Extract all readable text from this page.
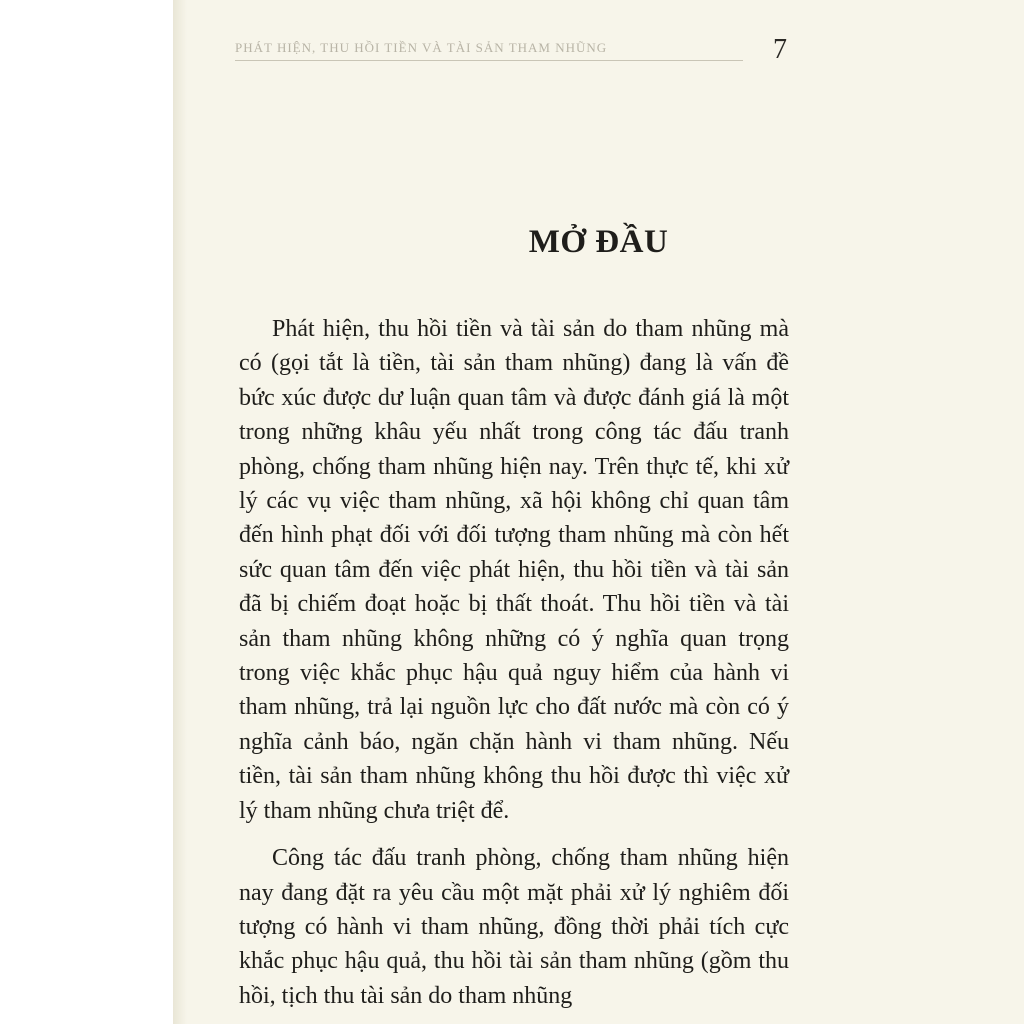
PHÁT HIỆN, THU HỒI TIỀN VÀ TÀI SẢN THAM NHŨNG	7
MỞ ĐẦU

Phát hiện, thu hồi tiền và tài sản do tham nhũng mà có (gọi tắt là tiền, tài sản tham nhũng) đang là vấn đề bức xúc được dư luận quan tâm và được đánh giá là một trong những khâu yếu nhất trong công tác đấu tranh phòng, chống tham nhũng hiện nay. Trên thực tế, khi xử lý các vụ việc tham nhũng, xã hội không chỉ quan tâm đến hình phạt đối với đối tượng tham nhũng mà còn hết sức quan tâm đến việc phát hiện, thu hồi tiền và tài sản đã bị chiếm đoạt hoặc bị thất thoát. Thu hồi tiền và tài sản tham nhũng không những có ý nghĩa quan trọng trong việc khắc phục hậu quả nguy hiểm của hành vi tham nhũng, trả lại nguồn lực cho đất nước mà còn có ý nghĩa cảnh báo, ngăn chặn hành vi tham nhũng. Nếu tiền, tài sản tham nhũng không thu hồi được thì việc xử lý tham nhũng chưa triệt để.

Công tác đấu tranh phòng, chống tham nhũng hiện nay đang đặt ra yêu cầu một mặt phải xử lý nghiêm đối tượng có hành vi tham nhũng, đồng thời phải tích cực khắc phục hậu quả, thu hồi tài sản tham nhũng (gồm thu hồi, tịch thu tài sản do tham nhũng
